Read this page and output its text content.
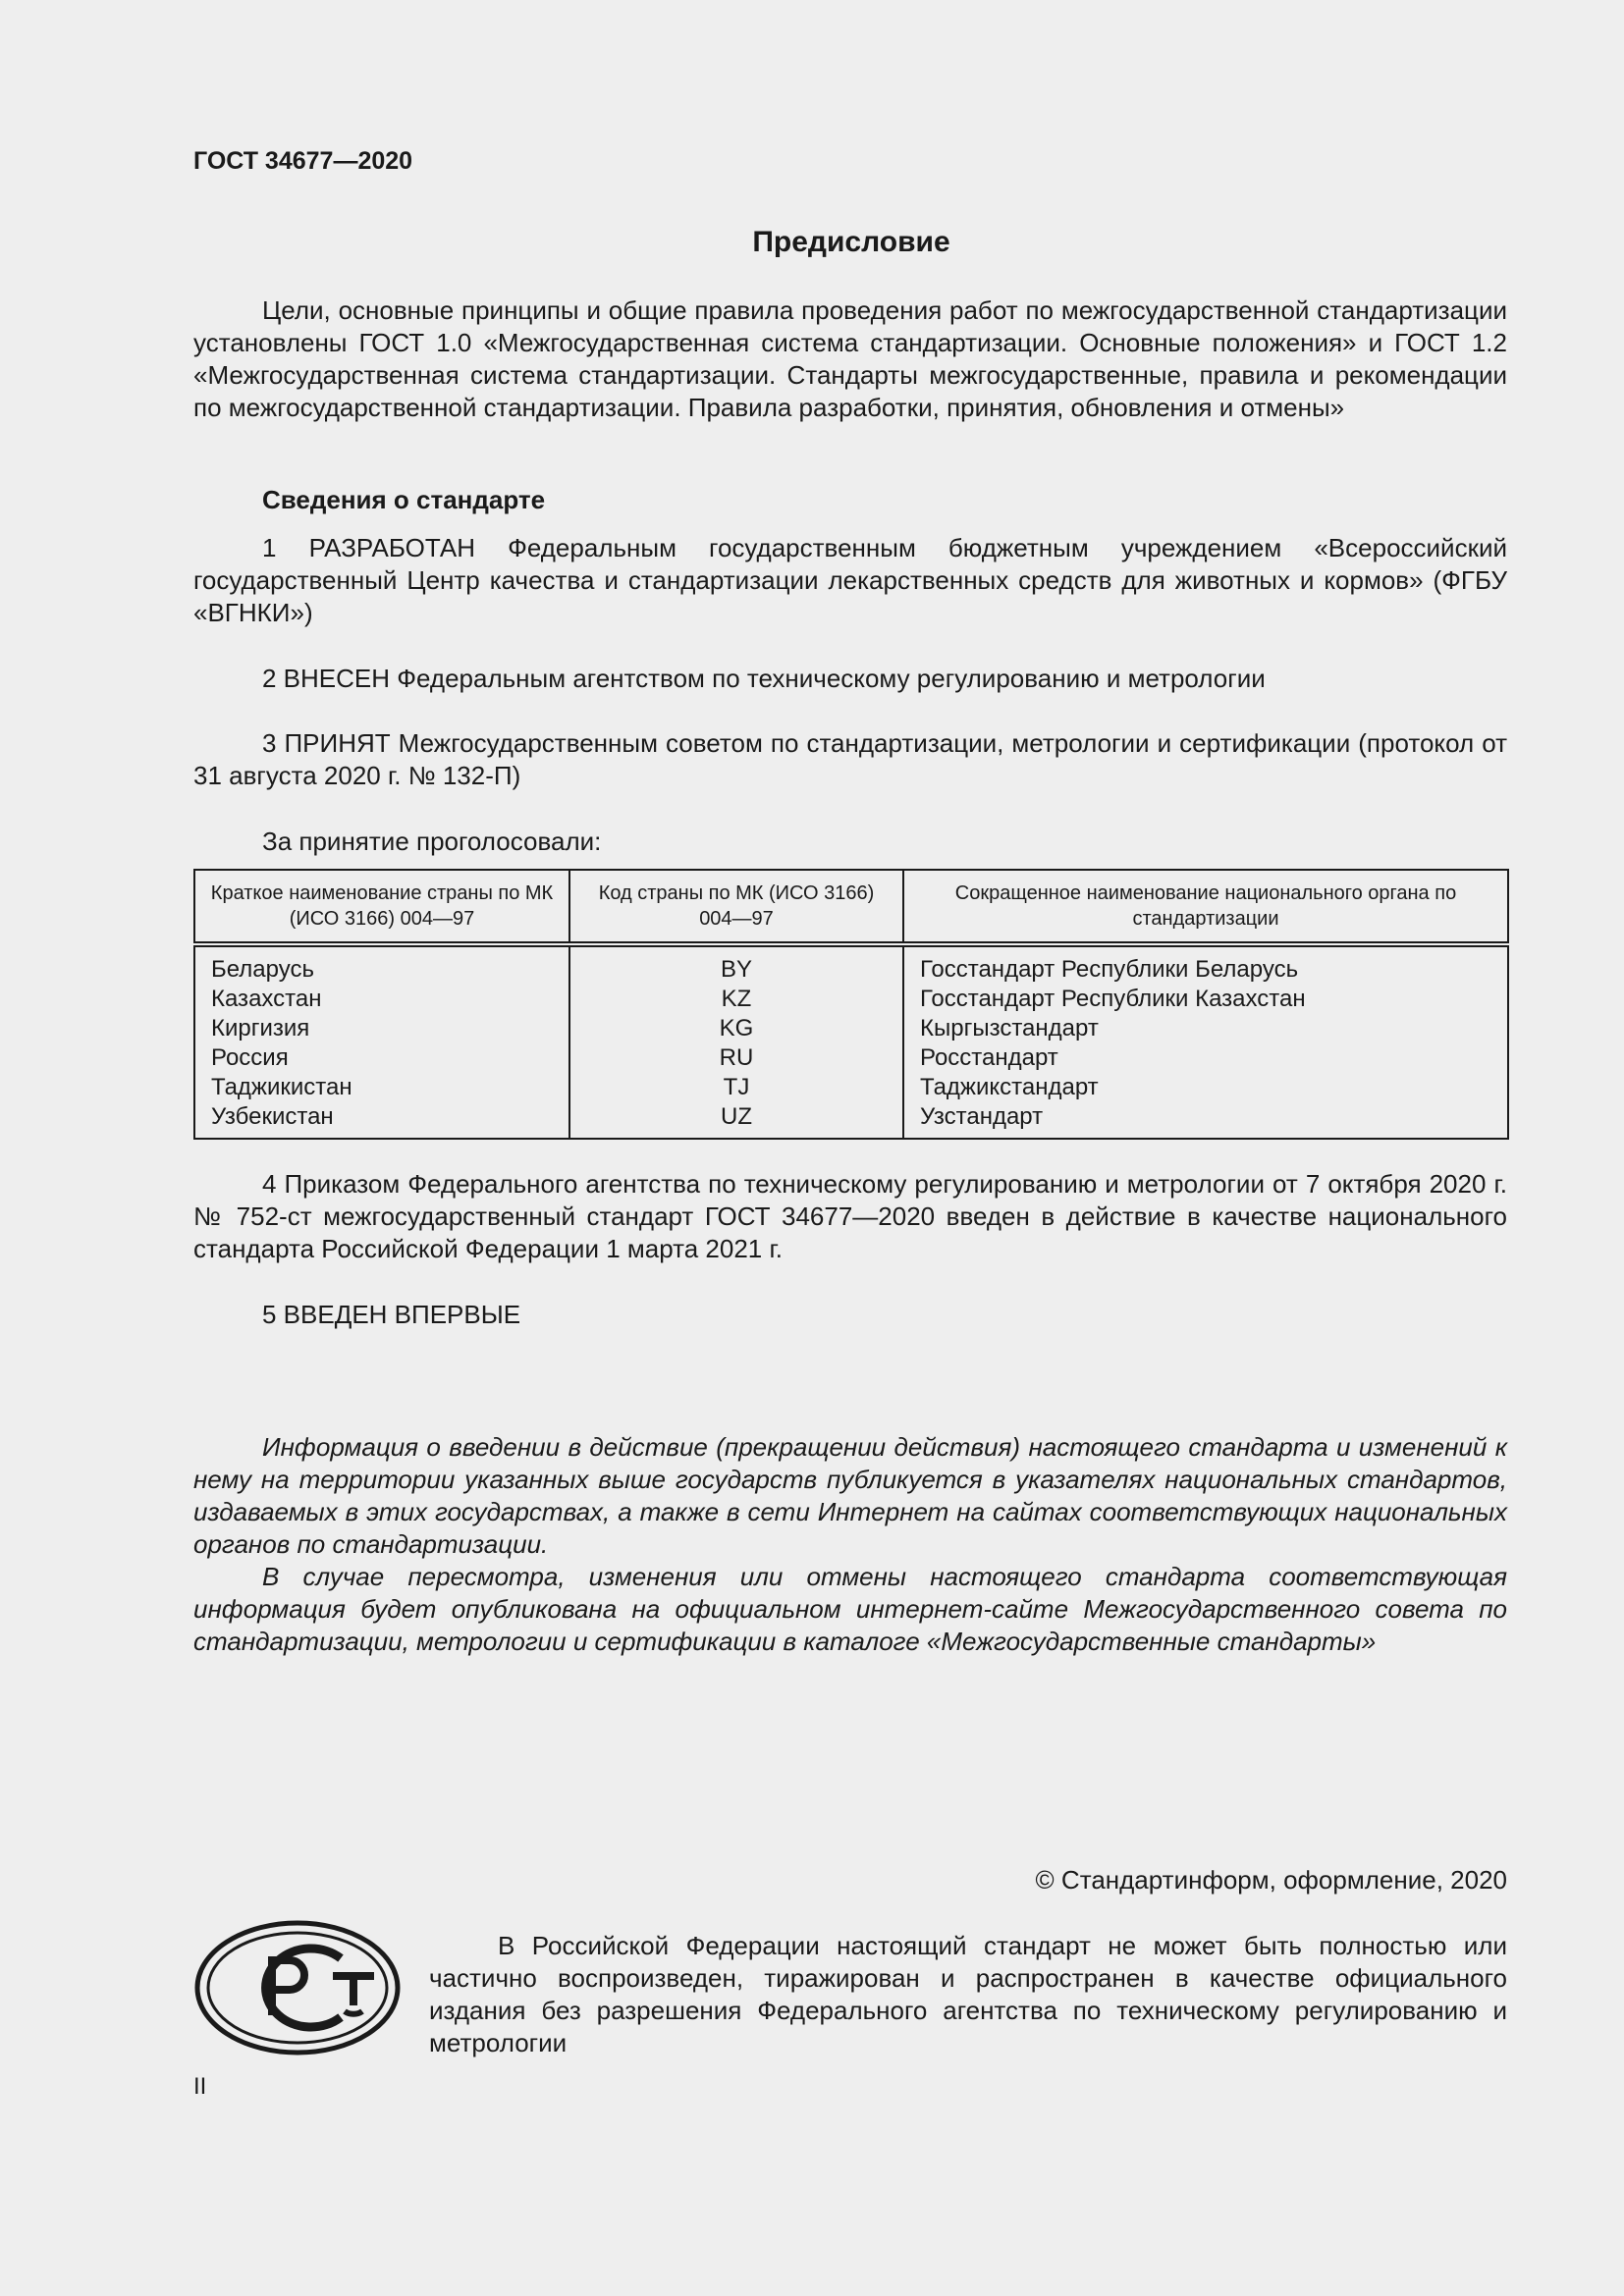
ГОСТ 34677—2020
Предисловие

Цели, основные принципы и общие правила проведения работ по межгосударственной стандартизации установлены ГОСТ 1.0 «Межгосударственная система стандартизации. Основные положения» и ГОСТ 1.2 «Межгосударственная система стандартизации. Стандарты межгосударственные, правила и рекомендации по межгосударственной стандартизации. Правила разработки, принятия, обновления и отмены»

Сведения о стандарте

1 РАЗРАБОТАН Федеральным государственным бюджетным учреждением «Всероссийский государственный Центр качества и стандартизации лекарственных средств для животных и кормов» (ФГБУ «ВГНКИ»)

2 ВНЕСЕН Федеральным агентством по техническому регулированию и метрологии

3 ПРИНЯТ Межгосударственным советом по стандартизации, метрологии и сертификации (протокол от 31 августа 2020 г. № 132-П)

За принятие проголосовали:

Краткое наименование страны по МК (ИСО 3166) 004—97	Код страны по МК (ИСО 3166) 004—97	Сокращенное наименование национального органа по стандартизации
Беларусь	BY	Госстандарт Республики Беларусь
Казахстан	KZ	Госстандарт Республики Казахстан
Киргизия	KG	Кыргызстандарт
Россия	RU	Росстандарт
Таджикистан	TJ	Таджикстандарт
Узбекистан	UZ	Узстандарт

4 Приказом Федерального агентства по техническому регулированию и метрологии от 7 октября 2020 г. № 752-ст межгосударственный стандарт ГОСТ 34677—2020 введен в действие в качестве национального стандарта Российской Федерации 1 марта 2021 г.

5 ВВЕДЕН ВПЕРВЫЕ

Информация о введении в действие (прекращении действия) настоящего стандарта и изменений к нему на территории указанных выше государств публикуется в указателях национальных стандартов, издаваемых в этих государствах, а также в сети Интернет на сайтах соответствующих национальных органов по стандартизации.

В случае пересмотра, изменения или отмены настоящего стандарта соответствующая информация будет опубликована на официальном интернет-сайте Межгосударственного совета по стандартизации, метрологии и сертификации в каталоге «Межгосударственные стандарты»

© Стандартинформ, оформление, 2020

В Российской Федерации настоящий стандарт не может быть полностью или частично воспроизведен, тиражирован и распространен в качестве официального издания без разрешения Федерального агентства по техническому регулированию и метрологии

II
